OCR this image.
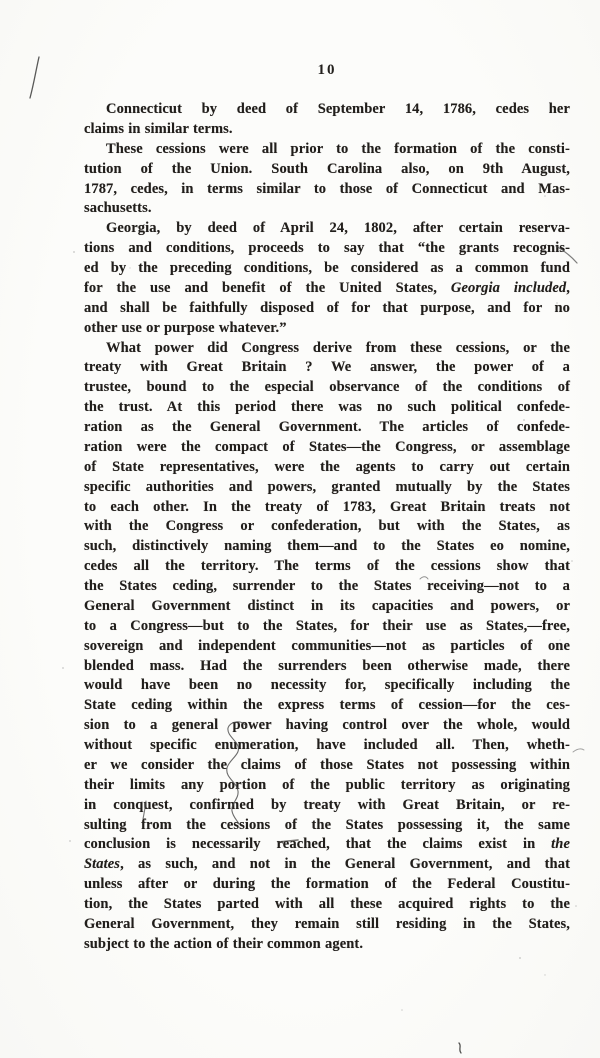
10
Connecticut by deed of September 14, 1786, cedes her
claims in similar terms.
These cessions were all prior to the formation of the consti-
tution of the Union. South Carolina also, on 9th August,
1787, cedes, in terms similar to those of Connecticut and Mas-
sachusetts.
Georgia, by deed of April 24, 1802, after certain reserva-
tions and conditions, proceeds to say that “the grants recognis-
ed by the preceding conditions, be considered as a common fund
for the use and benefit of the United States, Georgia included,
and shall be faithfully disposed of for that purpose, and for no
other use or purpose whatever.”
What power did Congress derive from these cessions, or the
treaty with Great Britain ? We answer, the power of a
trustee, bound to the especial observance of the conditions of
the trust. At this period there was no such political confede-
ration as the General Government. The articles of confede-
ration were the compact of States—the Congress, or assemblage
of State representatives, were the agents to carry out certain
specific authorities and powers, granted mutually by the States
to each other. In the treaty of 1783, Great Britain treats not
with the Congress or confederation, but with the States, as
such, distinctively naming them—and to the States eo nomine,
cedes all the territory. The terms of the cessions show that
the States ceding, surrender to the States receiving—not to a
General Government distinct in its capacities and powers, or
to a Congress—but to the States, for their use as States,—free,
sovereign and independent communities—not as particles of one
blended mass. Had the surrenders been otherwise made, there
would have been no necessity for, specifically including the
State ceding within the express terms of cession—for the ces-
sion to a general power having control over the whole, would
without specific enumeration, have included all. Then, wheth-
er we consider the claims of those States not possessing within
their limits any portion of the public territory as originating
in conquest, confirmed by treaty with Great Britain, or re-
sulting from the cessions of the States possessing it, the same
conclusion is necessarily reached, that the claims exist in the
States, as such, and not in the General Government, and that
unless after or during the formation of the Federal Coustitu-
tion, the States parted with all these acquired rights to the
General Government, they remain still residing in the States,
subject to the action of their common agent.
